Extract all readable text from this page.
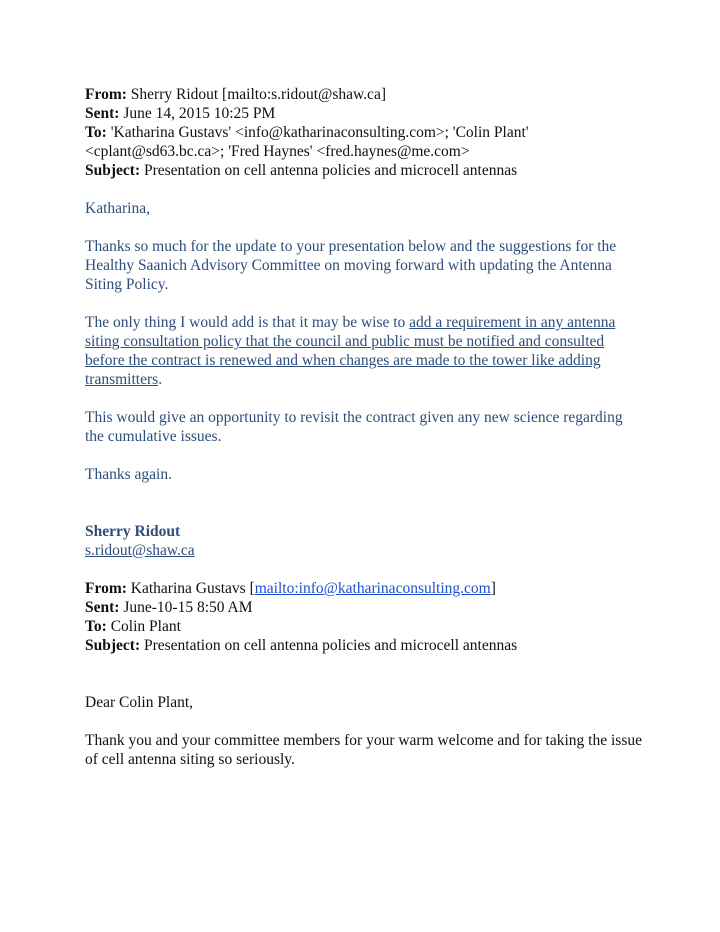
From: Sherry Ridout [mailto:s.ridout@shaw.ca]

Sent: June 14, 2015 10:25 PM

To: 'Katharina Gustavs' <info@katharinaconsulting.com>; 'Colin Plant' <cplant@sd63.bc.ca>; 'Fred Haynes' <fred.haynes@me.com>

Subject: Presentation on cell antenna policies and microcell antennas

Katharina,

Thanks so much for the update to your presentation below and the suggestions for the Healthy Saanich Advisory Committee on moving forward with updating the Antenna Siting Policy.

The only thing I would add is that it may be wise to add a requirement in any antenna siting consultation policy that the council and public must be notified and consulted before the contract is renewed and when changes are made to the tower like adding transmitters.

This would give an opportunity to revisit the contract given any new science regarding the cumulative issues.

Thanks again.

Sherry Ridout

s.ridout@shaw.ca

From: Katharina Gustavs [mailto:info@katharinaconsulting.com]

Sent: June-10-15 8:50 AM

To: Colin Plant

Subject: Presentation on cell antenna policies and microcell antennas

Dear Colin Plant,

Thank you and your committee members for your warm welcome and for taking the issue of cell antenna siting so seriously.
